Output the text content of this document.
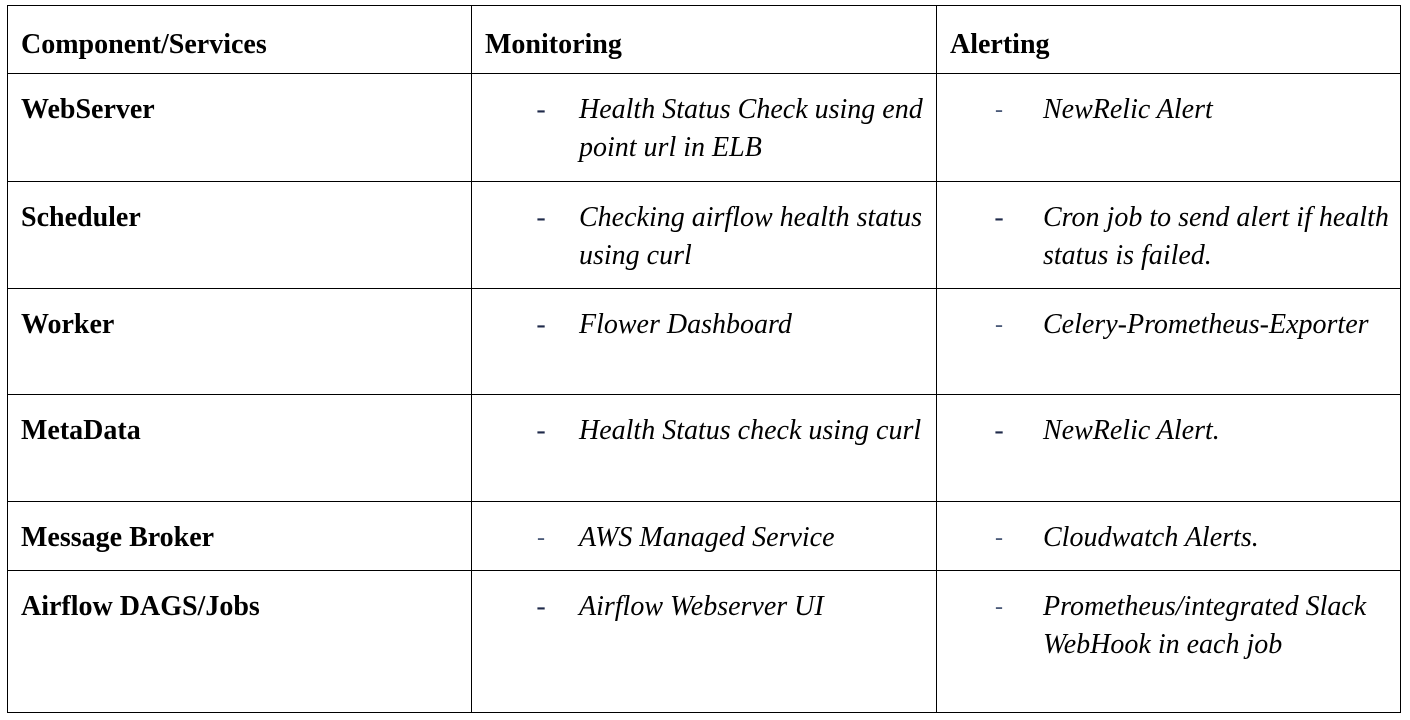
Component/Services	Monitoring	Alerting
WebServer	- Health Status Check using end point url in ELB	- NewRelic Alert

Scheduler	- Checking airflow health status using curl	- Cron job to send alert if health status is failed.

Worker	- Flower Dashboard	- Celery-Prometheus-Exporter

MetaData	- Health Status check using curl	- NewRelic Alert.

Message Broker	- AWS Managed Service	- Cloudwatch Alerts.

Airflow DAGS/Jobs	- Airflow Webserver UI	- Prometheus/integrated Slack WebHook in each job
